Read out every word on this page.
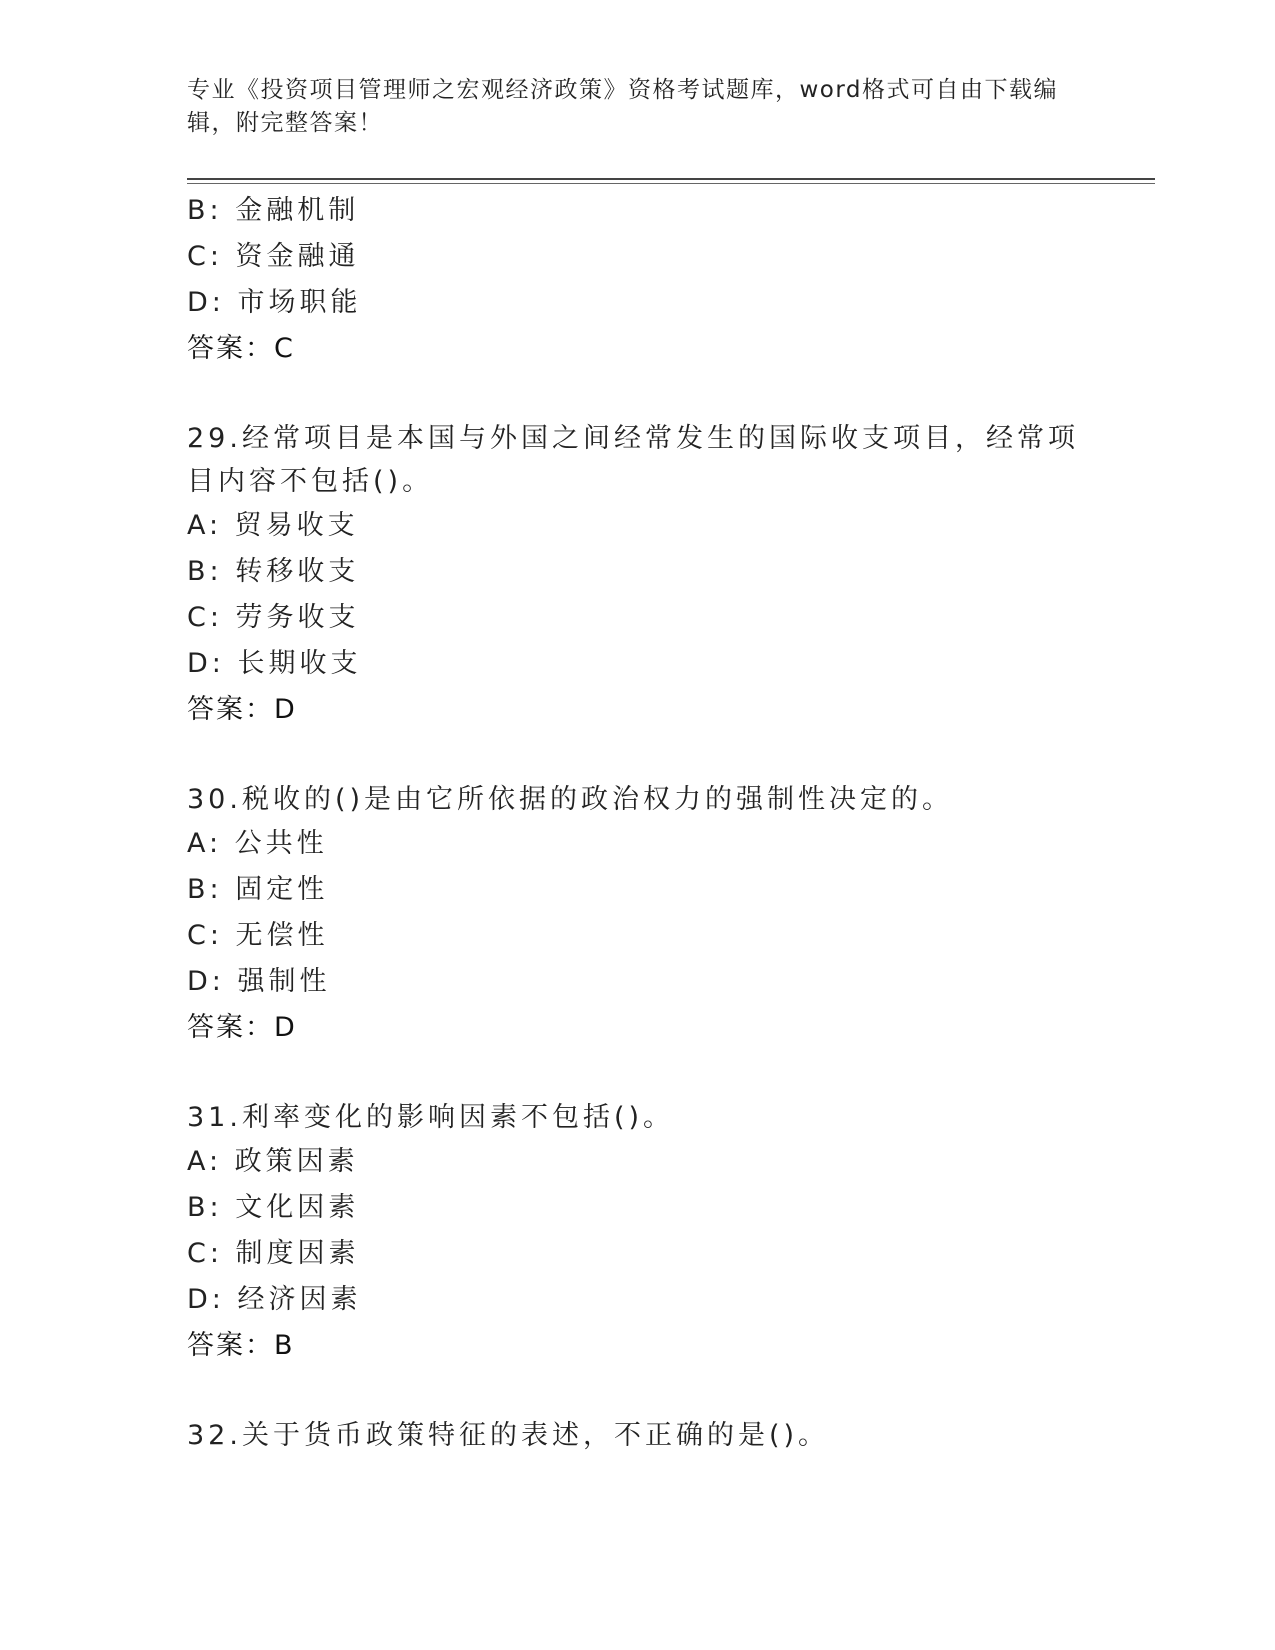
专业《投资项目管理师之宏观经济政策》资格考试题库，word格式可自由下载编辑，附完整答案！
B: 金融机制
C: 资金融通
D: 市场职能
答案：C
29.经常项目是本国与外国之间经常发生的国际收支项目，经常项目内容不包括()。
A: 贸易收支
B: 转移收支
C: 劳务收支
D: 长期收支
答案：D
30.税收的()是由它所依据的政治权力的强制性决定的。
A: 公共性
B: 固定性
C: 无偿性
D: 强制性
答案：D
31.利率变化的影响因素不包括()。
A: 政策因素
B: 文化因素
C: 制度因素
D: 经济因素
答案：B
32.关于货币政策特征的表述，不正确的是()。
